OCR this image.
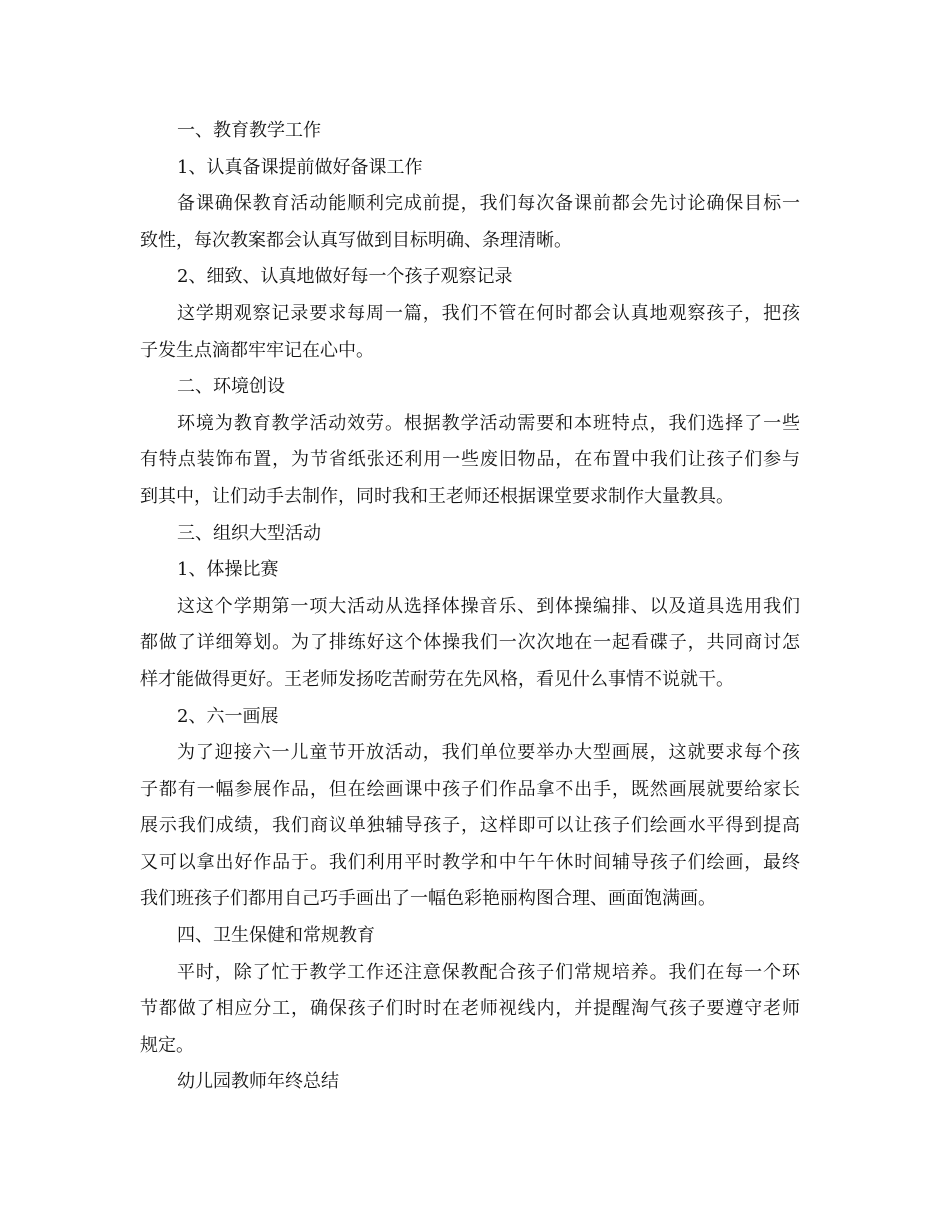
一、教育教学工作
1、认真备课提前做好备课工作
备课确保教育活动能顺利完成前提，我们每次备课前都会先讨论确保目标一
致性，每次教案都会认真写做到目标明确、条理清晰。
2、细致、认真地做好每一个孩子观察记录
这学期观察记录要求每周一篇，我们不管在何时都会认真地观察孩子，把孩
子发生点滴都牢牢记在心中。
二、环境创设
环境为教育教学活动效劳。根据教学活动需要和本班特点，我们选择了一些
有特点装饰布置，为节省纸张还利用一些废旧物品，在布置中我们让孩子们参与
到其中，让们动手去制作，同时我和王老师还根据课堂要求制作大量教具。
三、组织大型活动
1、体操比赛
这这个学期第一项大活动从选择体操音乐、到体操编排、以及道具选用我们
都做了详细筹划。为了排练好这个体操我们一次次地在一起看碟子，共同商讨怎
样才能做得更好。王老师发扬吃苦耐劳在先风格，看见什么事情不说就干。
2、六一画展
为了迎接六一儿童节开放活动，我们单位要举办大型画展，这就要求每个孩
子都有一幅参展作品，但在绘画课中孩子们作品拿不出手，既然画展就要给家长
展示我们成绩，我们商议单独辅导孩子，这样即可以让孩子们绘画水平得到提高
又可以拿出好作品于。我们利用平时教学和中午午休时间辅导孩子们绘画，最终
我们班孩子们都用自己巧手画出了一幅色彩艳丽构图合理、画面饱满画。
四、卫生保健和常规教育
平时，除了忙于教学工作还注意保教配合孩子们常规培养。我们在每一个环
节都做了相应分工，确保孩子们时时在老师视线内，并提醒淘气孩子要遵守老师
规定。
幼儿园教师年终总结
